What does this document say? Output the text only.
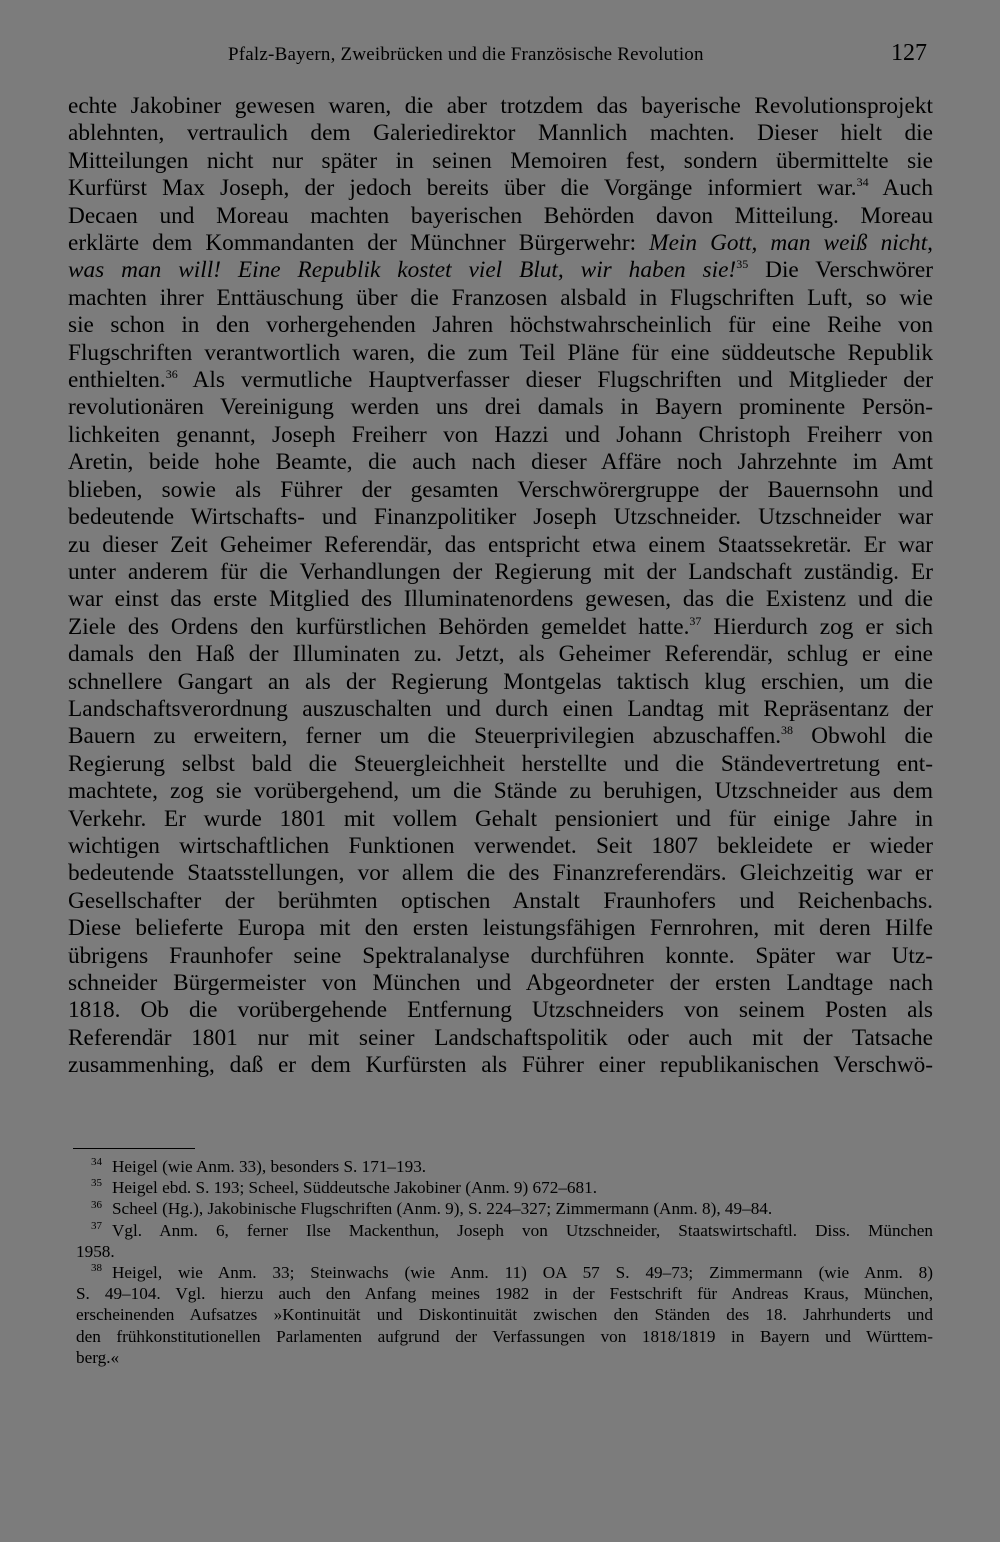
Pfalz-Bayern, Zweibrücken und die Französische Revolution	127
echte Jakobiner gewesen waren, die aber trotzdem das bayerische Revolutionsprojekt
ablehnten, vertraulich dem Galeriedirektor Mannlich machten. Dieser hielt die
Mitteilungen nicht nur später in seinen Memoiren fest, sondern übermittelte sie
Kurfürst Max Joseph, der jedoch bereits über die Vorgänge informiert war.$^{34}$ Auch
Decaen und Moreau machten bayerischen Behörden davon Mitteilung. Moreau
erklärte dem Kommandanten der Münchner Bürgerwehr: Mein Gott, man weiß nicht,
was man will! Eine Republik kostet viel Blut, wir haben sie!$^{35}$ Die Verschwörer
machten ihrer Enttäuschung über die Franzosen alsbald in Flugschriften Luft, so wie
sie schon in den vorhergehenden Jahren höchstwahrscheinlich für eine Reihe von
Flugschriften verantwortlich waren, die zum Teil Pläne für eine süddeutsche Republik
enthielten.$^{36}$ Als vermutliche Hauptverfasser dieser Flugschriften und Mitglieder der
revolutionären Vereinigung werden uns drei damals in Bayern prominente Persön-
lichkeiten genannt, Joseph Freiherr von Hazzi und Johann Christoph Freiherr von
Aretin, beide hohe Beamte, die auch nach dieser Affäre noch Jahrzehnte im Amt
blieben, sowie als Führer der gesamten Verschwörergruppe der Bauernsohn und
bedeutende Wirtschafts- und Finanzpolitiker Joseph Utzschneider. Utzschneider war
zu dieser Zeit Geheimer Referendär, das entspricht etwa einem Staatssekretär. Er war
unter anderem für die Verhandlungen der Regierung mit der Landschaft zuständig. Er
war einst das erste Mitglied des Illuminatenordens gewesen, das die Existenz und die
Ziele des Ordens den kurfürstlichen Behörden gemeldet hatte.$^{37}$ Hierdurch zog er sich
damals den Haß der Illuminaten zu. Jetzt, als Geheimer Referendär, schlug er eine
schnellere Gangart an als der Regierung Montgelas taktisch klug erschien, um die
Landschaftsverordnung auszuschalten und durch einen Landtag mit Repräsentanz der
Bauern zu erweitern, ferner um die Steuerprivilegien abzuschaffen.$^{38}$ Obwohl die
Regierung selbst bald die Steuergleichheit herstellte und die Ständevertretung ent-
machtete, zog sie vorübergehend, um die Stände zu beruhigen, Utzschneider aus dem
Verkehr. Er wurde 1801 mit vollem Gehalt pensioniert und für einige Jahre in
wichtigen wirtschaftlichen Funktionen verwendet. Seit 1807 bekleidete er wieder
bedeutende Staatsstellungen, vor allem die des Finanzreferendärs. Gleichzeitig war er
Gesellschafter der berühmten optischen Anstalt Fraunhofers und Reichenbachs.
Diese belieferte Europa mit den ersten leistungsfähigen Fernrohren, mit deren Hilfe
übrigens Fraunhofer seine Spektralanalyse durchführen konnte. Später war Utz-
schneider Bürgermeister von München und Abgeordneter der ersten Landtage nach
1818. Ob die vorübergehende Entfernung Utzschneiders von seinem Posten als
Referendär 1801 nur mit seiner Landschaftspolitik oder auch mit der Tatsache
zusammenhing, daß er dem Kurfürsten als Führer einer republikanischen Verschwö-
$^{34}$ Heigel (wie Anm. 33), besonders S. 171–193.
$^{35}$ Heigel ebd. S. 193; Scheel, Süddeutsche Jakobiner (Anm. 9) 672–681.
$^{36}$ Scheel (Hg.), Jakobinische Flugschriften (Anm. 9), S. 224–327; Zimmermann (Anm. 8), 49–84.
$^{37}$ Vgl. Anm. 6, ferner Ilse Mackenthun, Joseph von Utzschneider, Staatswirtschaftl. Diss. München
1958.
$^{38}$ Heigel, wie Anm. 33; Steinwachs (wie Anm. 11) OA 57 S. 49–73; Zimmermann (wie Anm. 8)
S. 49–104. Vgl. hierzu auch den Anfang meines 1982 in der Festschrift für Andreas Kraus, München,
erscheinenden Aufsatzes »Kontinuität und Diskontinuität zwischen den Ständen des 18. Jahrhunderts und
den frühkonstitutionellen Parlamenten aufgrund der Verfassungen von 1818/1819 in Bayern und Württem-
berg.«
